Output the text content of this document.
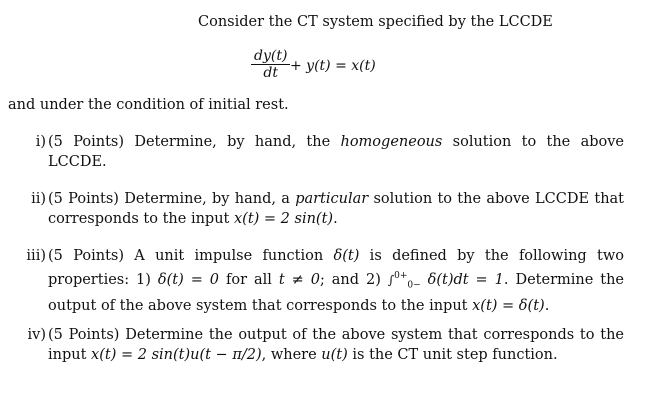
Consider the CT system specified by the LCCDE
$\frac{dy(t)}{dt} + y(t) = x(t)$
and under the condition of initial rest.
i) (5 Points) Determine, by hand, the homogeneous solution to the above LCCDE.
ii) (5 Points) Determine, by hand, a particular solution to the above LCCDE that corresponds to the input x(t) = 2 sin(t).
iii) (5 Points) A unit impulse function δ(t) is defined by the following two properties: 1) δ(t) = 0 for all t ≠ 0; and 2) ∫$^{0+}_{0-}$ δ(t)dt = 1. Determine the output of the above system that corresponds to the input x(t) = δ(t).
iv) (5 Points) Determine the output of the above system that corresponds to the input x(t) = 2 sin(t)u(t − π/2), where u(t) is the CT unit step function.
